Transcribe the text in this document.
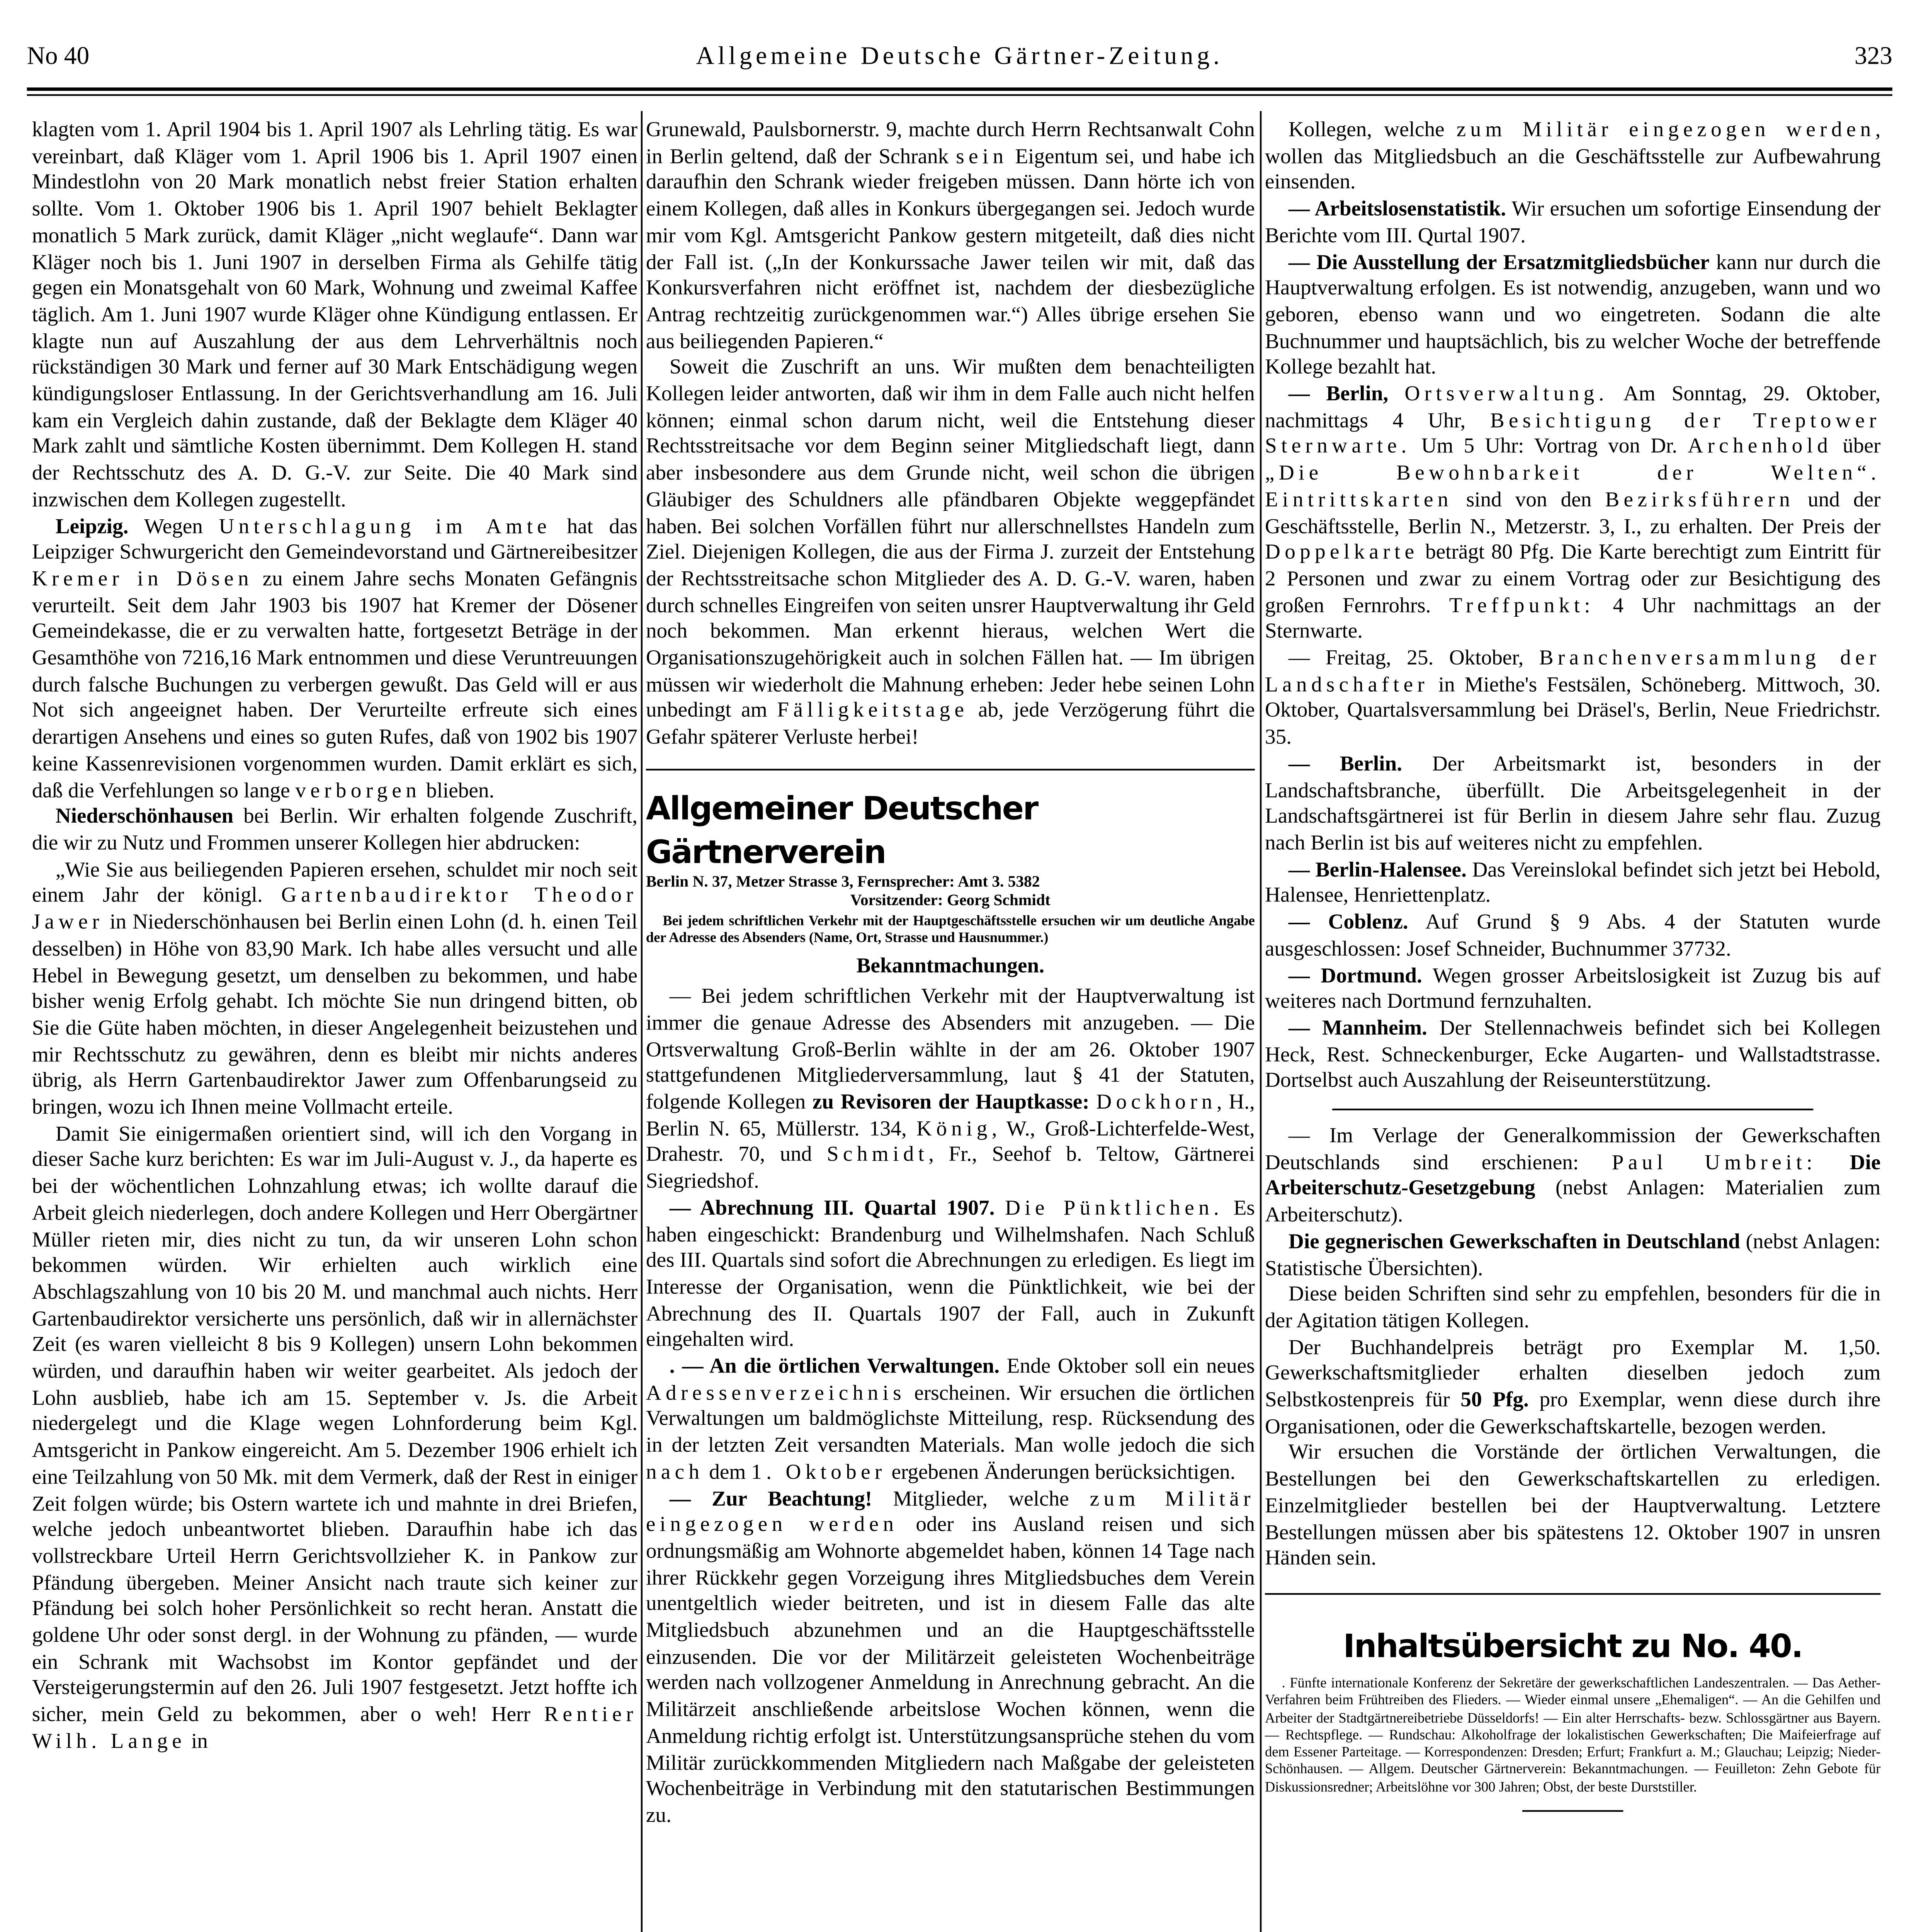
No 40	Allgemeine Deutsche Gärtner-Zeitung.	323

klagten vom 1. April 1904 bis 1. April 1907 als Lehrling tätig. Es war vereinbart, daß Kläger vom 1. April 1906 bis 1. April 1907 einen Mindestlohn von 20 Mark monatlich nebst freier Station erhalten sollte. Vom 1. Oktober 1906 bis 1. April 1907 behielt Beklagter monatlich 5 Mark zurück, damit Kläger „nicht weglaufe“. Dann war Kläger noch bis 1. Juni 1907 in derselben Firma als Gehilfe tätig gegen ein Monatsgehalt von 60 Mark, Wohnung und zweimal Kaffee täglich. Am 1. Juni 1907 wurde Kläger ohne Kündigung entlassen. Er klagte nun auf Auszahlung der aus dem Lehrverhältnis noch rückständigen 30 Mark und ferner auf 30 Mark Entschädigung wegen kündigungsloser Entlassung. In der Gerichtsverhandlung am 16. Juli kam ein Vergleich dahin zustande, daß der Beklagte dem Kläger 40 Mark zahlt und sämtliche Kosten übernimmt. Dem Kollegen H. stand der Rechtsschutz des A. D. G.-V. zur Seite. Die 40 Mark sind inzwischen dem Kollegen zugestellt.

Leipzig. Wegen Unterschlagung im Amte hat das Leipziger Schwurgericht den Gemeindevorstand und Gärtnereibesitzer Kremer in Dösen zu einem Jahre sechs Monaten Gefängnis verurteilt. Seit dem Jahr 1903 bis 1907 hat Kremer der Dösener Gemeindekasse, die er zu verwalten hatte, fortgesetzt Beträge in der Gesamthöhe von 7216,16 Mark entnommen und diese Veruntreuungen durch falsche Buchungen zu verbergen gewußt. Das Geld will er aus Not sich angeeignet haben. Der Verurteilte erfreute sich eines derartigen Ansehens und eines so guten Rufes, daß von 1902 bis 1907 keine Kassenrevisionen vorgenommen wurden. Damit erklärt es sich, daß die Verfehlungen so lange verborgen blieben.

Niederschönhausen bei Berlin. Wir erhalten folgende Zuschrift, die wir zu Nutz und Frommen unserer Kollegen hier abdrucken:

„Wie Sie aus beiliegenden Papieren ersehen, schuldet mir noch seit einem Jahr der königl. Gartenbaudirektor Theodor Jawer in Niederschönhausen bei Berlin einen Lohn (d. h. einen Teil desselben) in Höhe von 83,90 Mark. Ich habe alles versucht und alle Hebel in Bewegung gesetzt, um denselben zu bekommen, und habe bisher wenig Erfolg gehabt. Ich möchte Sie nun dringend bitten, ob Sie die Güte haben möchten, in dieser Angelegenheit beizustehen und mir Rechtsschutz zu gewähren, denn es bleibt mir nichts anderes übrig, als Herrn Gartenbaudirektor Jawer zum Offenbarungseid zu bringen, wozu ich Ihnen meine Vollmacht erteile.

Damit Sie einigermaßen orientiert sind, will ich den Vorgang in dieser Sache kurz berichten: Es war im Juli-August v. J., da haperte es bei der wöchentlichen Lohnzahlung etwas; ich wollte darauf die Arbeit gleich niederlegen, doch andere Kollegen und Herr Obergärtner Müller rieten mir, dies nicht zu tun, da wir unseren Lohn schon bekommen würden. Wir erhielten auch wirklich eine Abschlagszahlung von 10 bis 20 M. und manchmal auch nichts. Herr Gartenbaudirektor versicherte uns persönlich, daß wir in allernächster Zeit (es waren vielleicht 8 bis 9 Kollegen) unsern Lohn bekommen würden, und daraufhin haben wir weiter gearbeitet. Als jedoch der Lohn ausblieb, habe ich am 15. September v. Js. die Arbeit niedergelegt und die Klage wegen Lohnforderung beim Kgl. Amtsgericht in Pankow eingereicht. Am 5. Dezember 1906 erhielt ich eine Teilzahlung von 50 Mk. mit dem Vermerk, daß der Rest in einiger Zeit folgen würde; bis Ostern wartete ich und mahnte in drei Briefen, welche jedoch unbeantwortet blieben. Daraufhin habe ich das vollstreckbare Urteil Herrn Gerichtsvollzieher K. in Pankow zur Pfändung übergeben. Meiner Ansicht nach traute sich keiner zur Pfändung bei solch hoher Persönlichkeit so recht heran. Anstatt die goldene Uhr oder sonst dergl. in der Wohnung zu pfänden, — wurde ein Schrank mit Wachsobst im Kontor gepfändet und der Versteigerungstermin auf den 26. Juli 1907 festgesetzt. Jetzt hoffte ich sicher, mein Geld zu bekommen, aber o weh! Herr Rentier Wilh. Lange in

Grunewald, Paulsbornerstr. 9, machte durch Herrn Rechtsanwalt Cohn in Berlin geltend, daß der Schrank sein Eigentum sei, und habe ich daraufhin den Schrank wieder freigeben müssen. Dann hörte ich von einem Kollegen, daß alles in Konkurs übergegangen sei. Jedoch wurde mir vom Kgl. Amtsgericht Pankow gestern mitgeteilt, daß dies nicht der Fall ist. („In der Konkurssache Jawer teilen wir mit, daß das Konkursverfahren nicht eröffnet ist, nachdem der diesbezügliche Antrag rechtzeitig zurückgenommen war.“) Alles übrige ersehen Sie aus beiliegenden Papieren.“

Soweit die Zuschrift an uns. Wir mußten dem benachteiligten Kollegen leider antworten, daß wir ihm in dem Falle auch nicht helfen können; einmal schon darum nicht, weil die Entstehung dieser Rechtsstreitsache vor dem Beginn seiner Mitgliedschaft liegt, dann aber insbesondere aus dem Grunde nicht, weil schon die übrigen Gläubiger des Schuldners alle pfändbaren Objekte weggepfändet haben. Bei solchen Vorfällen führt nur allerschnellstes Handeln zum Ziel. Diejenigen Kollegen, die aus der Firma J. zurzeit der Entstehung der Rechtsstreitsache schon Mitglieder des A. D. G.-V. waren, haben durch schnelles Eingreifen von seiten unsrer Hauptverwaltung ihr Geld noch bekommen. Man erkennt hieraus, welchen Wert die Organisationszugehörigkeit auch in solchen Fällen hat. — Im übrigen müssen wir wiederholt die Mahnung erheben: Jeder hebe seinen Lohn unbedingt am Fälligkeitstage ab, jede Verzögerung führt die Gefahr späterer Verluste herbei!

Allgemeiner Deutscher Gärtnerverein

Berlin N. 37, Metzer Strasse 3, Fernsprecher: Amt 3. 5382

Vorsitzender: Georg Schmidt

Bei jedem schriftlichen Verkehr mit der Hauptgeschäftsstelle ersuchen wir um deutliche Angabe der Adresse des Absenders (Name, Ort, Strasse und Hausnummer.)

Bekanntmachungen.

— Bei jedem schriftlichen Verkehr mit der Hauptverwaltung ist immer die genaue Adresse des Absenders mit anzugeben. — Die Ortsverwaltung Groß-Berlin wählte in der am 26. Oktober 1907 stattgefundenen Mitgliederversammlung, laut § 41 der Statuten, folgende Kollegen zu Revisoren der Hauptkasse: Dockhorn, H., Berlin N. 65, Müllerstr. 134, König, W., Groß-Lichterfelde-West, Drahestr. 70, und Schmidt, Fr., Seehof b. Teltow, Gärtnerei Siegriedshof.

— Abrechnung III. Quartal 1907. Die Pünktlichen. Es haben eingeschickt: Brandenburg und Wilhelmshafen. Nach Schluß des III. Quartals sind sofort die Abrechnungen zu erledigen. Es liegt im Interesse der Organisation, wenn die Pünktlichkeit, wie bei der Abrechnung des II. Quartals 1907 der Fall, auch in Zukunft eingehalten wird.

. — An die örtlichen Verwaltungen. Ende Oktober soll ein neues Adressenverzeichnis erscheinen. Wir ersuchen die örtlichen Verwaltungen um baldmöglichste Mitteilung, resp. Rücksendung des in der letzten Zeit versandten Materials. Man wolle jedoch die sich nach dem 1. Oktober ergebenen Änderungen berücksichtigen.

— Zur Beachtung! Mitglieder, welche zum Militär eingezogen werden oder ins Ausland reisen und sich ordnungsmäßig am Wohnorte abgemeldet haben, können 14 Tage nach ihrer Rückkehr gegen Vorzeigung ihres Mitgliedsbuches dem Verein unentgeltlich wieder beitreten, und ist in diesem Falle das alte Mitgliedsbuch abzunehmen und an die Hauptgeschäftsstelle einzusenden. Die vor der Militärzeit geleisteten Wochenbeiträge werden nach vollzogener Anmeldung in Anrechnung gebracht. An die Militärzeit anschließende arbeitslose Wochen können, wenn die Anmeldung richtig erfolgt ist. Unterstützungsansprüche stehen du vom Militär zurückkommenden Mitgliedern nach Maßgabe der geleisteten Wochenbeiträge in Verbindung mit den statutarischen Bestimmungen zu.

Kollegen, welche zum Militär eingezogen werden, wollen das Mitgliedsbuch an die Geschäftsstelle zur Aufbewahrung einsenden.

— Arbeitslosenstatistik. Wir ersuchen um sofortige Einsendung der Berichte vom III. Qurtal 1907.

— Die Ausstellung der Ersatzmitgliedsbücher kann nur durch die Hauptverwaltung erfolgen. Es ist notwendig, anzugeben, wann und wo geboren, ebenso wann und wo eingetreten. Sodann die alte Buchnummer und hauptsächlich, bis zu welcher Woche der betreffende Kollege bezahlt hat.

— Berlin,	Ortsverwaltung. Am Sonntag, 29. Oktober, nachmittags 4 Uhr, Besichtigung der Treptower Sternwarte. Um 5 Uhr: Vortrag von Dr. Archenhold über „Die Bewohnbarkeit der Welten“. Eintrittskarten sind von den Bezirksführern und der Geschäftsstelle, Berlin N., Metzerstr. 3, I., zu erhalten. Der Preis der Doppelkarte beträgt 80 Pfg. Die Karte berechtigt zum Eintritt für 2 Personen und zwar zu einem Vortrag oder zur Besichtigung des großen Fernrohrs. Treffpunkt: 4 Uhr nachmittags an der Sternwarte.

— Freitag, 25. Oktober, Branchenversammlung der Landschafter in Miethe's Festsälen, Schöneberg. Mittwoch, 30. Oktober, Quartalsversammlung bei Dräsel's, Berlin, Neue Friedrichstr. 35.

— Berlin. Der Arbeitsmarkt ist, besonders in der Landschaftsbranche, überfüllt. Die Arbeitsgelegenheit in der Landschaftsgärtnerei ist für Berlin in diesem Jahre sehr flau. Zuzug nach Berlin ist bis auf weiteres nicht zu empfehlen.

— Berlin-Halensee. Das Vereinslokal befindet sich jetzt bei Hebold, Halensee, Henriettenplatz.

— Coblenz. Auf Grund § 9 Abs. 4 der Statuten wurde ausgeschlossen: Josef Schneider, Buchnummer 37732.

— Dortmund. Wegen grosser Arbeitslosigkeit ist Zuzug bis auf weiteres nach Dortmund fernzuhalten.

— Mannheim. Der Stellennachweis befindet sich bei Kollegen Heck, Rest. Schneckenburger, Ecke Augarten- und Wallstadtstrasse. Dortselbst auch Auszahlung der Reiseunterstützung.

— Im Verlage der Generalkommission der Gewerkschaften Deutschlands sind erschienen: Paul Umbreit: Die Arbeiterschutz-Gesetzgebung (nebst Anlagen: Materialien zum Arbeiterschutz).

Die gegnerischen Gewerkschaften in Deutschland (nebst Anlagen: Statistische Übersichten).

Diese beiden Schriften sind sehr zu empfehlen, besonders für die in der Agitation tätigen Kollegen.

Der Buchhandelpreis beträgt pro Exemplar M. 1,50. Gewerkschaftsmitglieder erhalten dieselben jedoch zum Selbstkostenpreis für 50 Pfg. pro Exemplar, wenn diese durch ihre Organisationen, oder die Gewerkschaftskartelle, bezogen werden.

Wir ersuchen die Vorstände der örtlichen Verwaltungen, die Bestellungen bei den Gewerkschaftskartellen zu erledigen. Einzelmitglieder bestellen bei der Hauptverwaltung. Letztere Bestellungen müssen aber bis spätestens 12. Oktober 1907 in unsren Händen sein.

Inhaltsübersicht zu No. 40.

. Fünfte internationale Konferenz der Sekretäre der gewerkschaftlichen Landeszentralen. — Das Aether-Verfahren beim Frühtreiben des Flieders. — Wieder einmal unsere „Ehemaligen“. — An die Gehilfen und Arbeiter der Stadtgärtnereibetriebe Düsseldorfs! — Ein alter Herrschafts- bezw. Schlossgärtner aus Bayern. — Rechtspflege. — Rundschau: Alkoholfrage der lokalistischen Gewerkschaften; Die Maifeierfrage auf dem Essener Parteitage. — Korrespondenzen: Dresden; Erfurt; Frankfurt a. M.; Glauchau; Leipzig; Nieder-Schönhausen. — Allgem. Deutscher Gärtnerverein: Bekanntmachungen. — Feuilleton: Zehn Gebote für Diskussionsredner; Arbeitslöhne vor 300 Jahren; Obst, der beste Durststiller.
